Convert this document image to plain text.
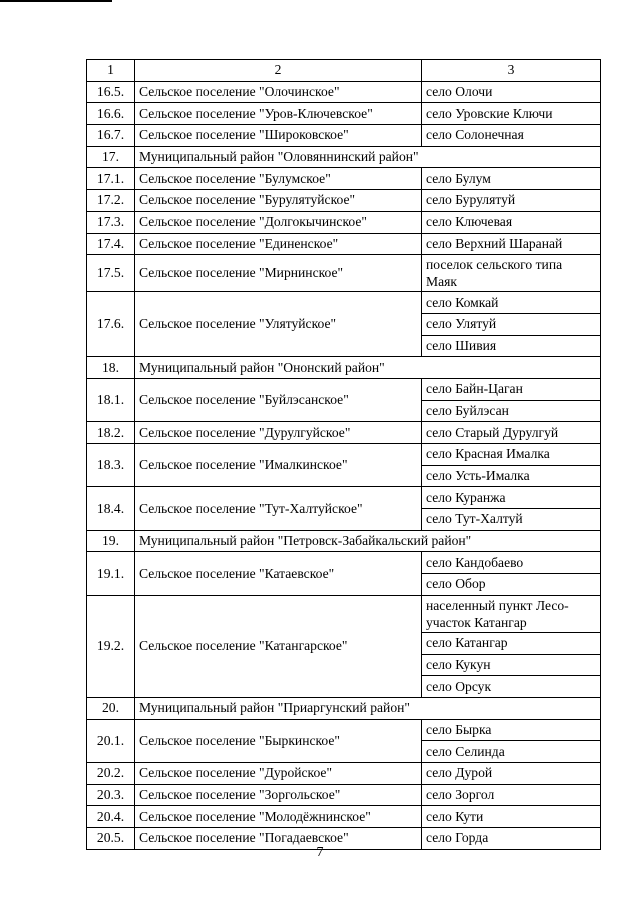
1	2	3
16.5.	Сельское поселение "Олочинское"	село Олочи
16.6.	Сельское поселение "Уров-Ключевское"	село Уровские Ключи
16.7.	Сельское поселение "Широковское"	село Солонечная
17.	Муниципальный район "Оловяннинский район"	
17.1.	Сельское поселение "Булумское"	село Булум
17.2.	Сельское поселение "Бурулятуйское"	село Бурулятуй
17.3.	Сельское поселение "Долгокычинское"	село Ключевая
17.4.	Сельское поселение "Единенское"	село Верхний Шаранай
17.5.	Сельское поселение "Мирнинское"	поселок сельского типа Маяк
17.6.	Сельское поселение "Улятуйское"	село Комкай
		село Улятуй
		село Шивия
18.	Муниципальный район "Ононский район"	
18.1.	Сельское поселение "Буйлэсанское"	село Байн-Цаган
		село Буйлэсан
18.2.	Сельское поселение "Дурулгуйское"	село Старый Дурулгуй
18.3.	Сельское поселение "Ималкинское"	село Красная Ималка
		село Усть-Ималка
18.4.	Сельское поселение "Тут-Халтуйское"	село Куранжа
		село Тут-Халтуй
19.	Муниципальный район "Петровск-Забайкальский район"	
19.1.	Сельское поселение "Катаевское"	село Кандобаево
		село Обор
19.2.	Сельское поселение "Катангарское"	населенный пункт Лесо-участок Катангар
		село Катангар
		село Кукун
		село Орсук
20.	Муниципальный район "Приаргунский район"	
20.1.	Сельское поселение "Быркинское"	село Бырка
		село Селинда
20.2.	Сельское поселение "Дуройское"	село Дурой
20.3.	Сельское поселение "Зоргольское"	село Зоргол
20.4.	Сельское поселение "Молодёжнинское"	село Кути
20.5.	Сельское поселение "Погадаевское"	село Горда
7
